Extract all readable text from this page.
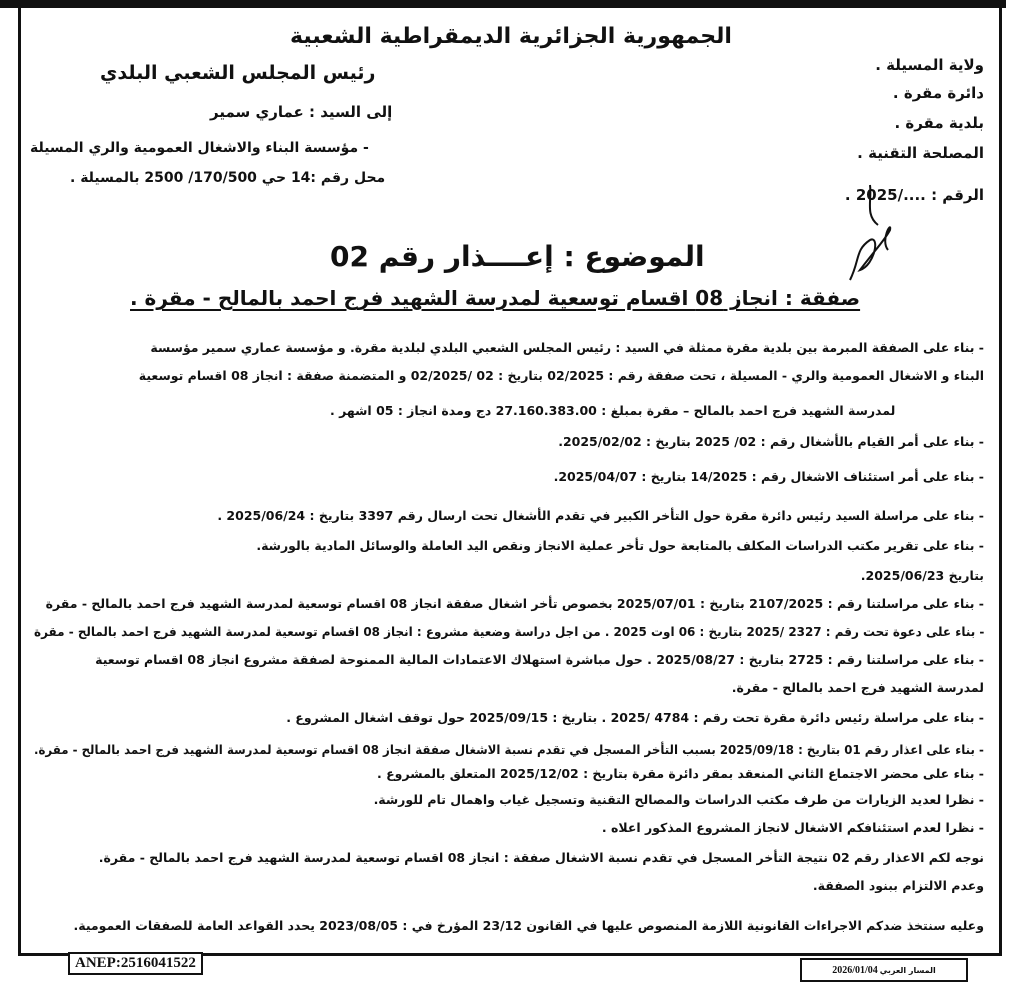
الجمهورية الجزائرية الديمقراطية الشعبية
ولاية المسيلة .
دائرة مقرة .
بلدية مقرة .
المصلحة التقنية .
الرقم : ..../2025 .
رئيس المجلس الشعبي البلدي
إلى السيد : عماري سمير
- مؤسسة البناء والاشغال العمومية والري المسيلة
محل رقم :14 حي 170/500/ 2500 بالمسيلة .
الموضوع : إعــــذار رقم 02
صفقة : انجاز 08 اقسام توسعية لمدرسة الشهيد فرج احمد بالمالح - مقرة .
- بناء على الصفقة المبرمة بين بلدية مقرة ممثلة في السيد : رئيس المجلس الشعبي البلدي لبلدية مقرة. و مؤسسة عماري سمير مؤسسة
البناء و الاشغال العمومية والري - المسيلة ، تحت صفقة رقم : 02/2025 بتاريخ : 02 /02/2025 و المتضمنة صفقة : انجاز 08 اقسام توسعية
لمدرسة الشهيد فرج احمد بالمالح – مقرة بمبلغ : 27.160.383.00 دج ومدة انجاز : 05 اشهر .
- بناء على أمر القيام بالأشغال رقم : 02/ 2025 بتاريخ : 2025/02/02.
- بناء على أمر استئناف الاشغال رقم : 14/2025 بتاريخ : 2025/04/07.
- بناء على مراسلة السيد رئيس دائرة مقرة حول التأخر الكبير في تقدم الأشغال تحت ارسال رقم 3397 بتاريخ : 2025/06/24 .
- بناء على تقرير مكتب الدراسات المكلف بالمتابعة حول تأخر عملية الانجاز ونقص اليد العاملة والوسائل المادية بالورشة.
بتاريخ 2025/06/23.
- بناء على مراسلتنا رقم : 2107/2025 بتاريخ : 2025/07/01 بخصوص تأخر اشغال صفقة انجاز 08 اقسام توسعية لمدرسة الشهيد فرج احمد بالمالح - مقرة
- بناء على دعوة تحت رقم : 2327 /2025 بتاريخ : 06 اوت 2025 . من اجل دراسة وضعية مشروع : انجاز 08 اقسام توسعية لمدرسة الشهيد فرج احمد بالمالح - مقرة
- بناء على مراسلتنا رقم : 2725 بتاريخ : 2025/08/27 . حول مباشرة استهلاك الاعتمادات المالية الممنوحة لصفقة مشروع انجاز 08 اقسام توسعية
لمدرسة الشهيد فرج احمد بالمالح - مقرة.
- بناء على مراسلة رئيس دائرة مقرة تحت رقم : 4784 /2025 . بتاريخ : 2025/09/15 حول توقف اشغال المشروع .
- بناء على اعذار رقم 01 بتاريخ : 2025/09/18 بسبب التأخر المسجل في تقدم نسبة الاشغال صفقة انجاز 08 اقسام توسعية لمدرسة الشهيد فرج احمد بالمالح - مقرة.
- بناء على محضر الاجتماع الثاني المنعقد بمقر دائرة مقرة بتاريخ : 2025/12/02 المتعلق بالمشروع .
- نظرا لعديد الزيارات من طرف مكتب الدراسات والمصالح التقنية وتسجيل غياب واهمال تام للورشة.
- نظرا لعدم استئنافكم الاشغال لانجاز المشروع المذكور اعلاه .
نوجه لكم الاعذار رقم 02 نتيجة التأخر المسجل في تقدم نسبة الاشغال صفقة : انجاز 08 اقسام توسعية لمدرسة الشهيد فرج احمد بالمالح - مقرة.
وعدم الالتزام ببنود الصفقة.
وعليه سنتخذ ضدكم الاجراءات القانونية اللازمة المنصوص عليها في القانون 23/12 المؤرخ في : 2023/08/05 يحدد القواعد العامة للصفقات العمومية.
ANEP:2516041522	المسار العربي
2026/01/04
